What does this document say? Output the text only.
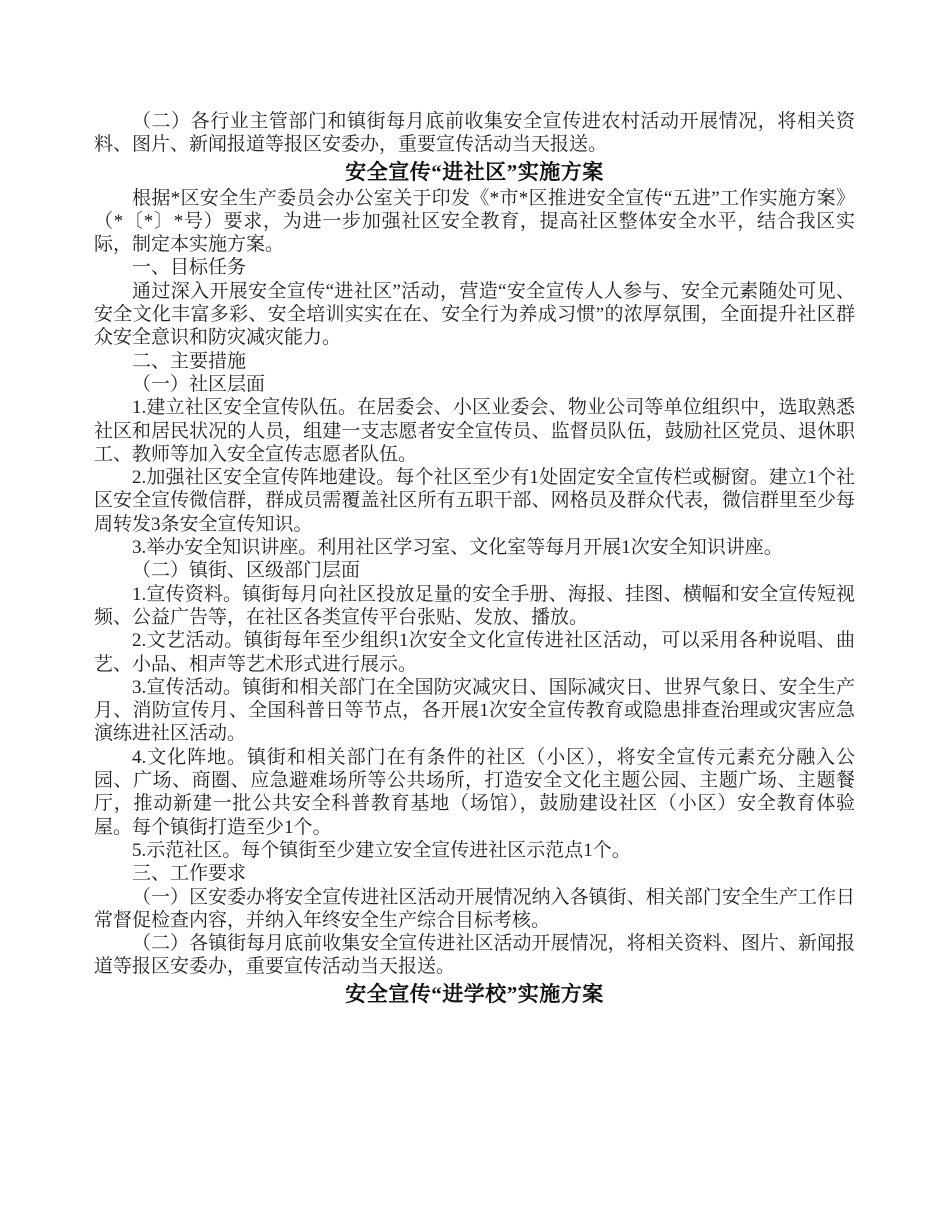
（二）各行业主管部门和镇街每月底前收集安全宣传进农村活动开展情况，将相关资料、图片、新闻报道等报区安委办，重要宣传活动当天报送。

安全宣传“进社区”实施方案

根据*区安全生产委员会办公室关于印发《*市*区推进安全宣传“五进”工作实施方案》（*〔*〕*号）要求，为进一步加强社区安全教育，提高社区整体安全水平，结合我区实际，制定本实施方案。

一、目标任务

通过深入开展安全宣传“进社区”活动，营造“安全宣传人人参与、安全元素随处可见、安全文化丰富多彩、安全培训实实在在、安全行为养成习惯”的浓厚氛围，全面提升社区群众安全意识和防灾减灾能力。

二、主要措施

（一）社区层面

1.建立社区安全宣传队伍。在居委会、小区业委会、物业公司等单位组织中，选取熟悉社区和居民状况的人员，组建一支志愿者安全宣传员、监督员队伍，鼓励社区党员、退休职工、教师等加入安全宣传志愿者队伍。

2.加强社区安全宣传阵地建设。每个社区至少有1处固定安全宣传栏或橱窗。建立1个社区安全宣传微信群，群成员需覆盖社区所有五职干部、网格员及群众代表，微信群里至少每周转发3条安全宣传知识。

3.举办安全知识讲座。利用社区学习室、文化室等每月开展1次安全知识讲座。

（二）镇街、区级部门层面

1.宣传资料。镇街每月向社区投放足量的安全手册、海报、挂图、横幅和安全宣传短视频、公益广告等，在社区各类宣传平台张贴、发放、播放。

2.文艺活动。镇街每年至少组织1次安全文化宣传进社区活动，可以采用各种说唱、曲艺、小品、相声等艺术形式进行展示。

3.宣传活动。镇街和相关部门在全国防灾减灾日、国际减灾日、世界气象日、安全生产月、消防宣传月、全国科普日等节点，各开展1次安全宣传教育或隐患排查治理或灾害应急演练进社区活动。

4.文化阵地。镇街和相关部门在有条件的社区（小区），将安全宣传元素充分融入公园、广场、商圈、应急避难场所等公共场所，打造安全文化主题公园、主题广场、主题餐厅，推动新建一批公共安全科普教育基地（场馆），鼓励建设社区（小区）安全教育体验屋。每个镇街打造至少1个。

5.示范社区。每个镇街至少建立安全宣传进社区示范点1个。

三、工作要求

（一）区安委办将安全宣传进社区活动开展情况纳入各镇街、相关部门安全生产工作日常督促检查内容，并纳入年终安全生产综合目标考核。

（二）各镇街每月底前收集安全宣传进社区活动开展情况，将相关资料、图片、新闻报道等报区安委办，重要宣传活动当天报送。

安全宣传“进学校”实施方案
